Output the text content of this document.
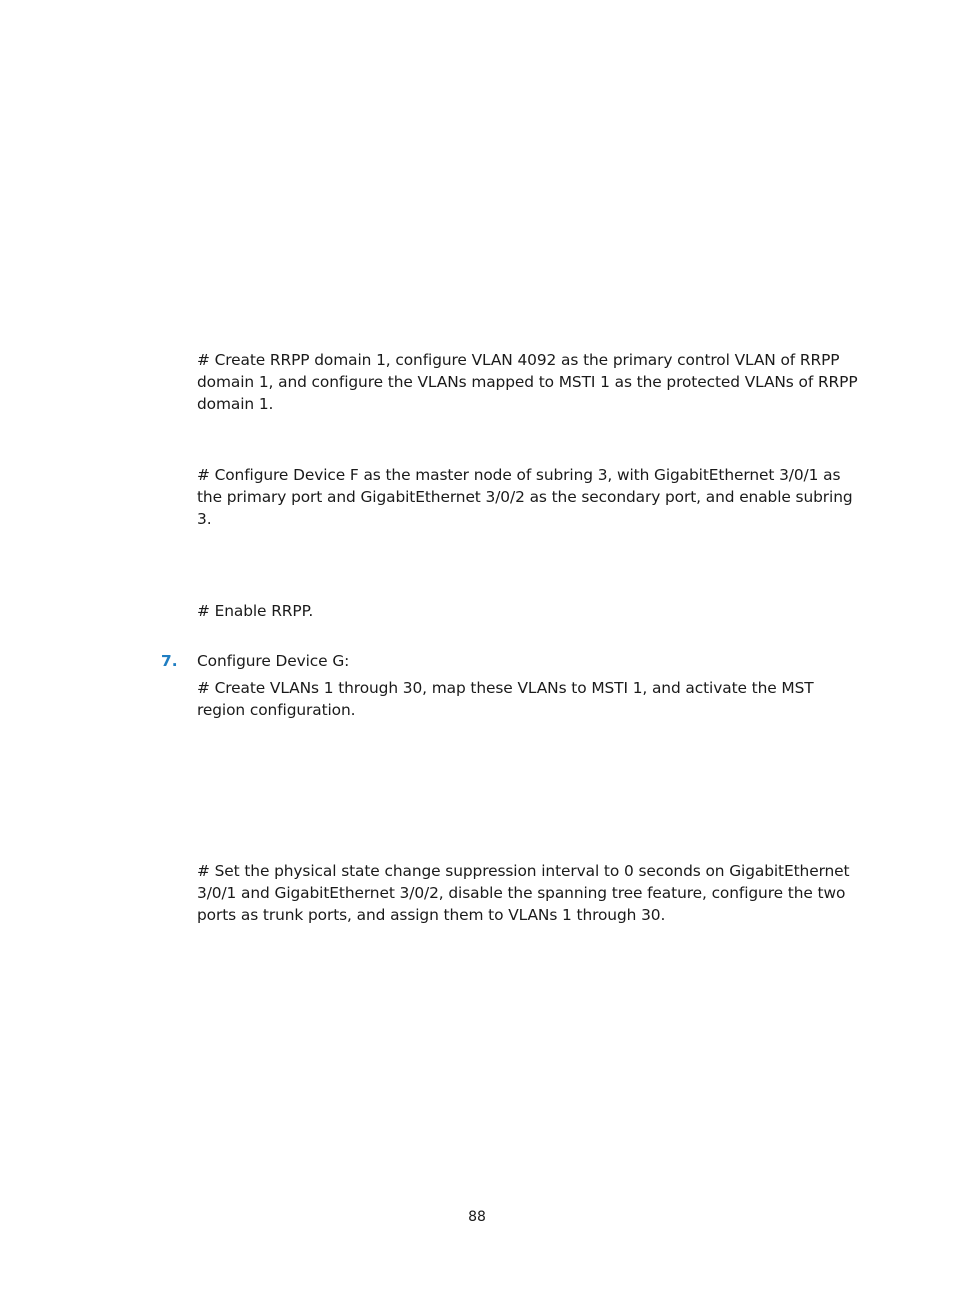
# Create RRPP domain 1, configure VLAN 4092 as the primary control VLAN of RRPP domain 1, and configure the VLANs mapped to MSTI 1 as the protected VLANs of RRPP domain 1.

# Configure Device F as the master node of subring 3, with GigabitEthernet 3/0/1 as the primary port and GigabitEthernet 3/0/2 as the secondary port, and enable subring 3.

# Enable RRPP.

7. Configure Device G:

# Create VLANs 1 through 30, map these VLANs to MSTI 1, and activate the MST region configuration.

# Set the physical state change suppression interval to 0 seconds on GigabitEthernet 3/0/1 and GigabitEthernet 3/0/2, disable the spanning tree feature, configure the two ports as trunk ports, and assign them to VLANs 1 through 30.

88
